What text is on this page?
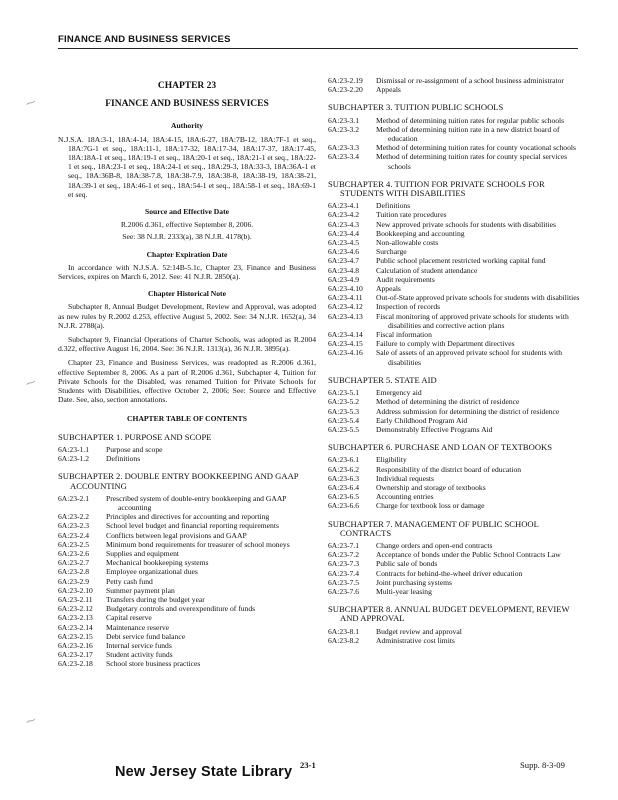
FINANCE AND BUSINESS SERVICES
⁓
⁓
⁓
CHAPTER 23
FINANCE AND BUSINESS SERVICES
Authority

N.J.S.A. 18A:3-1, 18A:4-14, 18A:4-15, 18A:6-27, 18A:7B-12, 18A:7F-1 et seq., 18A:7G-1 et seq., 18A:11-1, 18A:17-32, 18A:17-34, 18A:17-37, 18A:17-45, 18A:18A-1 et seq., 18A:19-1 et seq., 18A:20-1 et seq., 18A:21-1 et seq., 18A:22-1 et seq., 18A:23-1 et seq., 18A:24-1 et seq., 18A:29-3, 18A:33-3, 18A:36A-1 et seq., 18A:36B-8, 18A:38-7.8, 18A:38-7.9, 18A:38-8, 18A:38-19, 18A:38-21, 18A:39-1 et seq., 18A:46-1 et seq., 18A:54-1 et seq., 18A:58-1 et seq., 18A:69-1 et seq.

Source and Effective Date

R.2006 d.361, effective September 8, 2006.

See: 38 N.J.R. 2333(a), 38 N.J.R. 4178(b).

Chapter Expiration Date

In accordance with N.J.S.A. 52:14B-5.1c, Chapter 23, Finance and Business Services, expires on March 6, 2012. See: 41 N.J.R. 2850(a).

Chapter Historical Note

Subchapter 8, Annual Budget Development, Review and Approval, was adopted as new rules by R.2002 d.253, effective August 5, 2002. See: 34 N.J.R. 1652(a), 34 N.J.R. 2788(a).

Subchapter 9, Financial Operations of Charter Schools, was adopted as R.2004 d.322, effective August 16, 2004. See: 36 N.J.R. 1313(a), 36 N.J.R. 3895(a).

Chapter 23, Finance and Business Services, was readopted as R.2006 d.361, effective September 8, 2006. As a part of R.2006 d.361, Subchapter 4, Tuition for Private Schools for the Disabled, was renamed Tuition for Private Schools for Students with Disabilities, effective October 2, 2006; See: Source and Effective Date. See, also, section annotations.

CHAPTER TABLE OF CONTENTS
SUBCHAPTER 1. PURPOSE AND SCOPE
6A:23-1.1	Purpose and scope
6A:23-1.2	Definitions
SUBCHAPTER 2. DOUBLE ENTRY BOOKKEEPING AND GAAP ACCOUNTING
6A:23-2.1	Prescribed system of double-entry bookkeeping and GAAP accounting
6A:23-2.2	Principles and directives for accounting and reporting
6A:23-2.3	School level budget and financial reporting requirements
6A:23-2.4	Conflicts between legal provisions and GAAP
6A:23-2.5	Minimum bond requirements for treasurer of school moneys
6A:23-2.6	Supplies and equipment
6A:23-2.7	Mechanical bookkeeping systems
6A:23-2.8	Employee organizational dues
6A:23-2.9	Petty cash fund
6A:23-2.10	Summer payment plan
6A:23-2.11	Transfers during the budget year
6A:23-2.12	Budgetary controls and overexpenditure of funds
6A:23-2.13	Capital reserve
6A:23-2.14	Maintenance reserve
6A:23-2.15	Debt service fund balance
6A:23-2.16	Internal service funds
6A:23-2.17	Student activity funds
6A:23-2.18	School store business practices
6A:23-2.19	Dismissal or re-assignment of a school business administrator
6A:23-2.20	Appeals
SUBCHAPTER 3. TUITION PUBLIC SCHOOLS
6A:23-3.1	Method of determining tuition rates for regular public schools
6A:23-3.2	Method of determining tuition rate in a new district board of education
6A:23-3.3	Method of determining tuition rates for county vocational schools
6A:23-3.4	Method of determining tuition rates for county special services schools
SUBCHAPTER 4. TUITION FOR PRIVATE SCHOOLS FOR STUDENTS WITH DISABILITIES
6A:23-4.1	Definitions
6A:23-4.2	Tuition rate procedures
6A:23-4.3	New approved private schools for students with disabilities
6A:23-4.4	Bookkeeping and accounting
6A:23-4.5	Non-allowable costs
6A:23-4.6	Surcharge
6A:23-4.7	Public school placement restricted working capital fund
6A:23-4.8	Calculation of student attendance
6A:23-4.9	Audit requirements
6A:23-4.10	Appeals
6A:23-4.11	Out-of-State approved private schools for students with disabilities
6A:23-4.12	Inspection of records
6A:23-4.13	Fiscal monitoring of approved private schools for students with disabilities and corrective action plans
6A:23-4.14	Fiscal information
6A:23-4.15	Failure to comply with Department directives
6A:23-4.16	Sale of assets of an approved private school for students with disabilities
SUBCHAPTER 5. STATE AID
6A:23-5.1	Emergency aid
6A:23-5.2	Method of determining the district of residence
6A:23-5.3	Address submission for determining the district of residence
6A:23-5.4	Early Childhood Program Aid
6A:23-5.5	Demonstrably Effective Programs Aid
SUBCHAPTER 6. PURCHASE AND LOAN OF TEXTBOOKS
6A:23-6.1	Eligibility
6A:23-6.2	Responsibility of the district board of education
6A:23-6.3	Individual requests
6A:23-6.4	Ownership and storage of textbooks
6A:23-6.5	Accounting entries
6A:23-6.6	Charge for textbook loss or damage
SUBCHAPTER 7. MANAGEMENT OF PUBLIC SCHOOL CONTRACTS
6A:23-7.1	Change orders and open-end contracts
6A:23-7.2	Acceptance of bonds under the Public School Contracts Law
6A:23-7.3	Public sale of bonds
6A:23-7.4	Contracts for behind-the-wheel driver education
6A:23-7.5	Joint purchasing systems
6A:23-7.6	Multi-year leasing
SUBCHAPTER 8. ANNUAL BUDGET DEVELOPMENT, REVIEW AND APPROVAL
6A:23-8.1	Budget review and approval
6A:23-8.2	Administrative cost limits
New Jersey State Library 23-1	Supp. 8-3-09
